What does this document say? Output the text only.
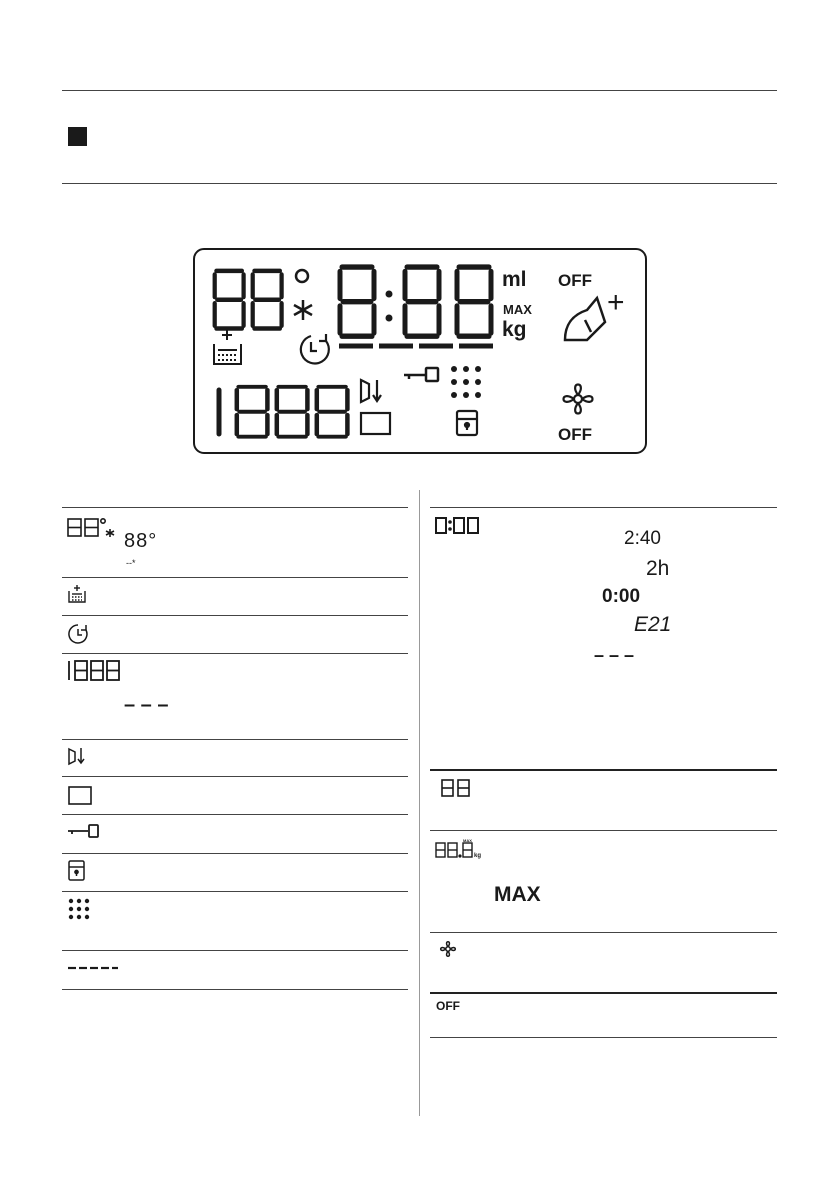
ml
MAX
kg
OFF
+
OFF
88°
--*
– – –
2:40
2h
0:00
E21
– – –
kg
MAX
MAX
OFF
